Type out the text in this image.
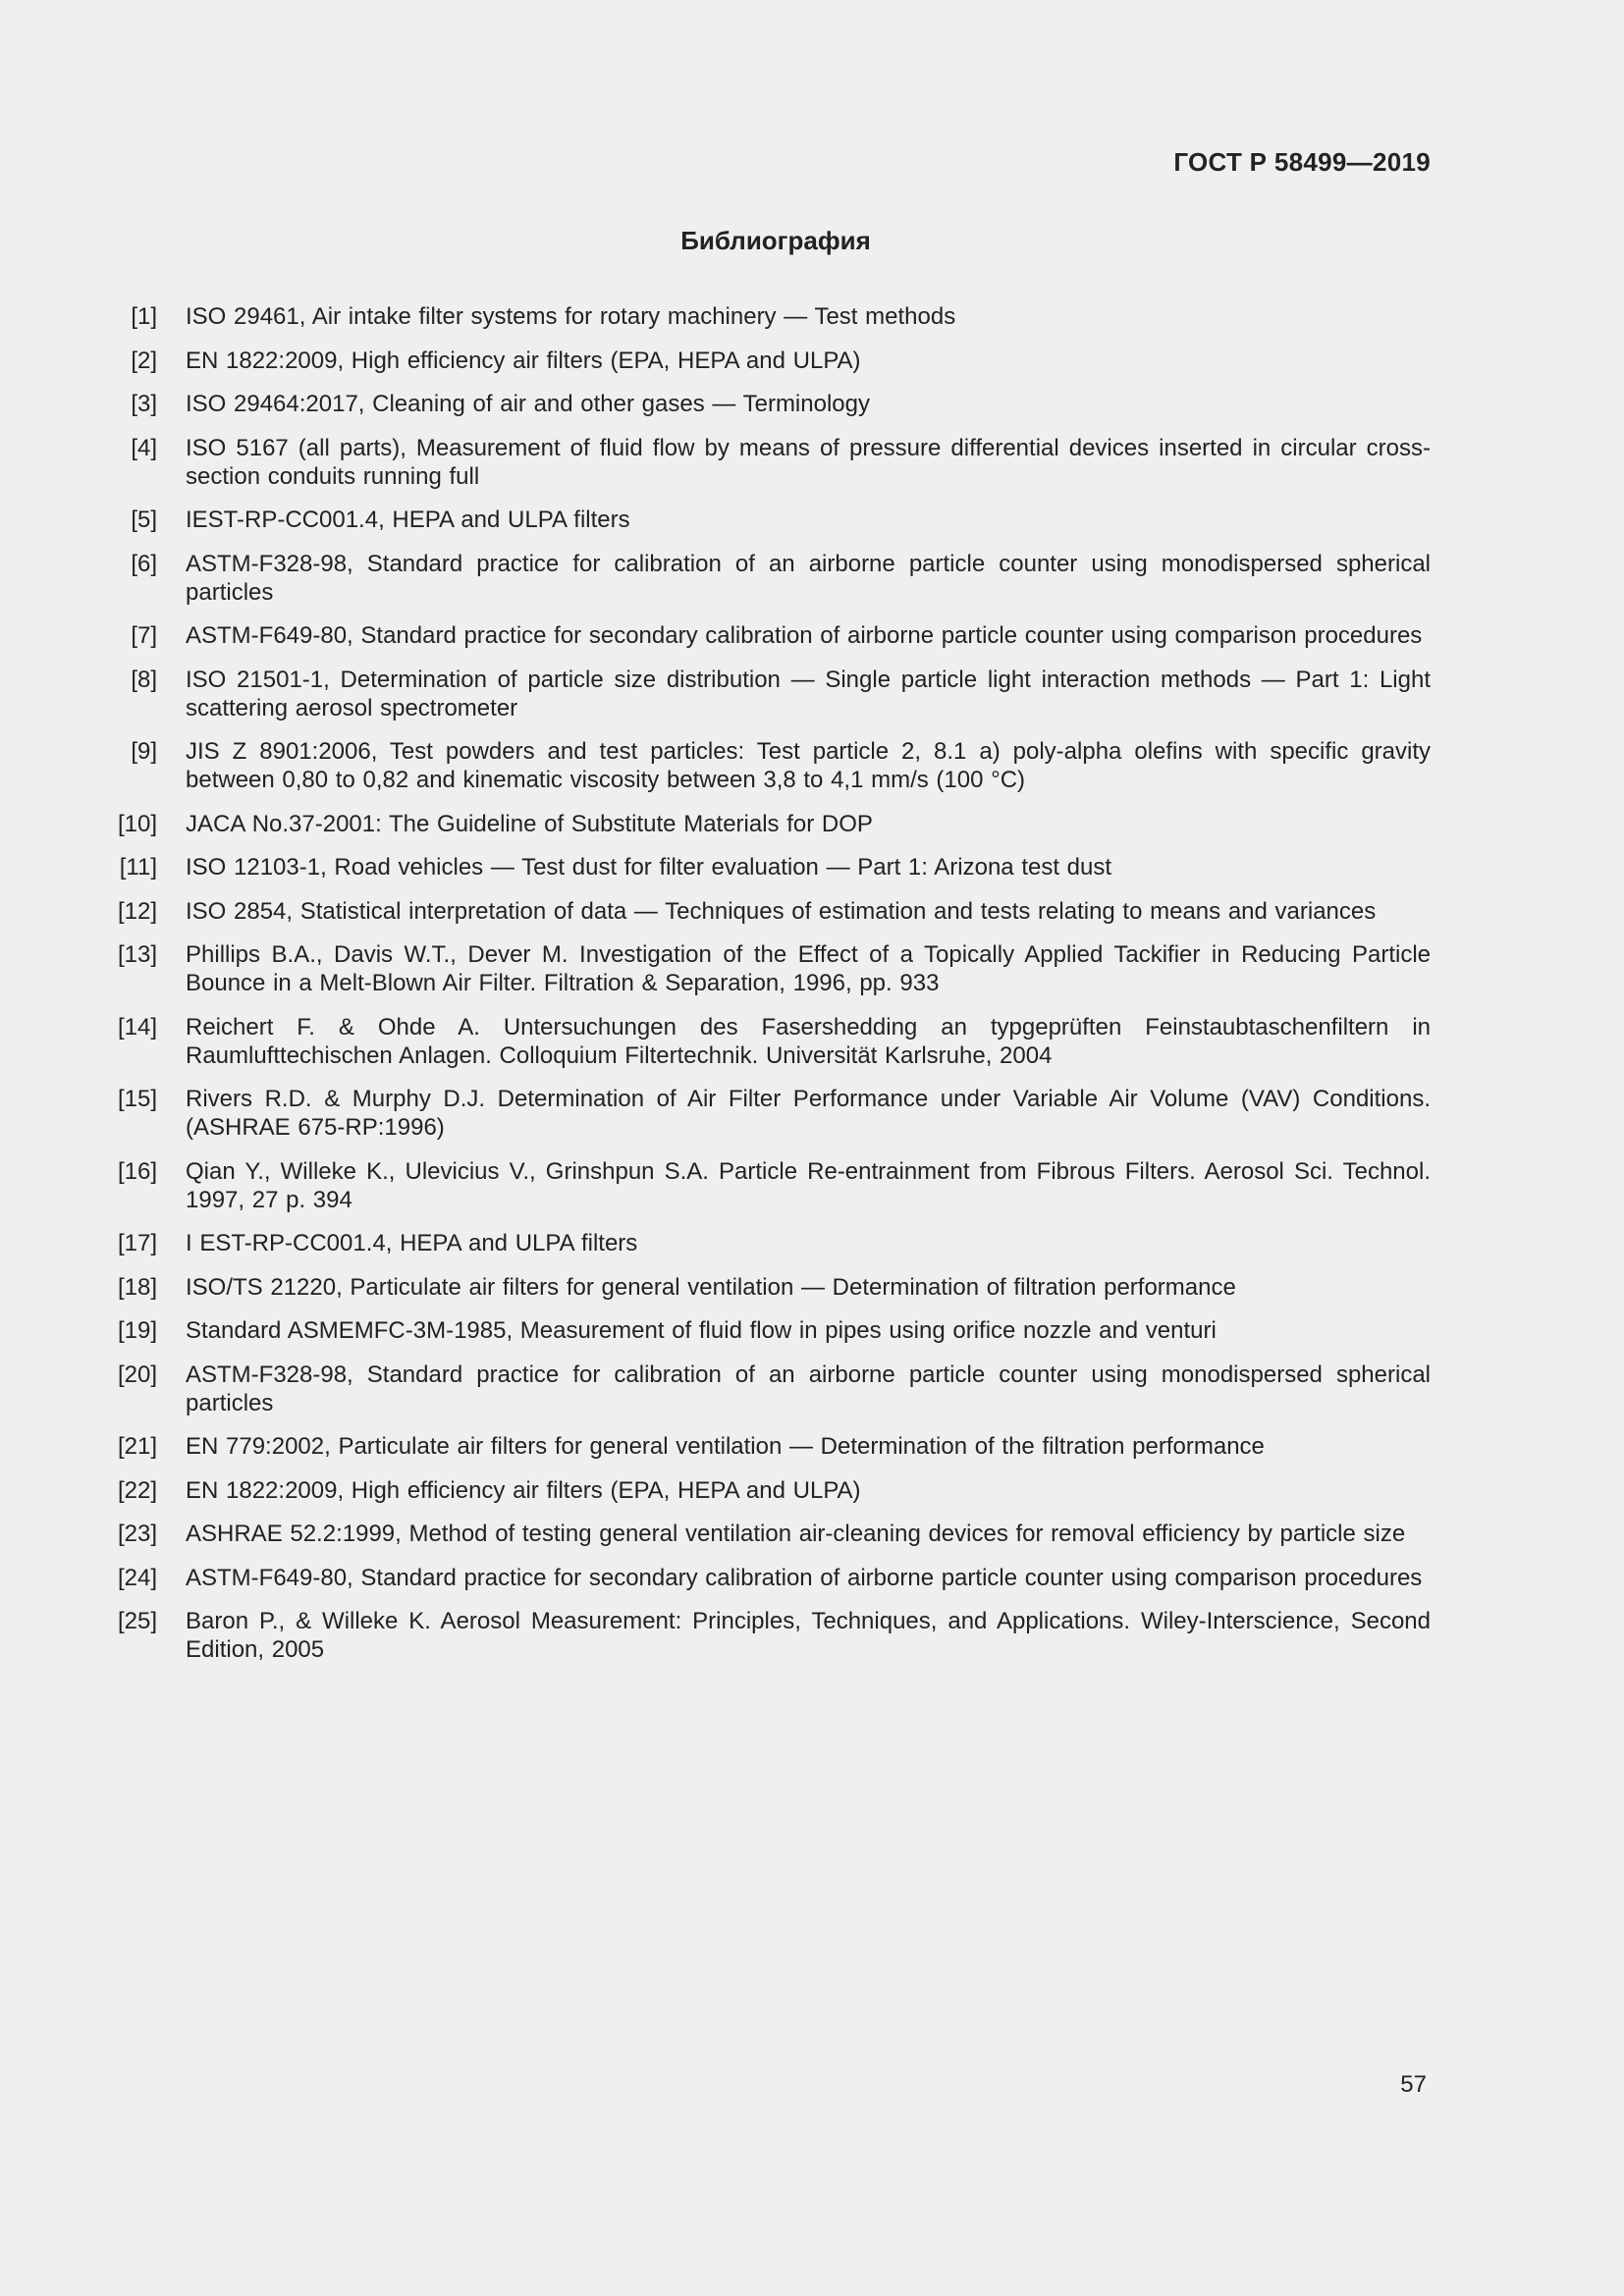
ГОСТ Р 58499—2019
Библиография
[1]	ISO 29461, Air intake filter systems for rotary machinery — Test methods
[2]	EN 1822:2009, High efficiency air filters (EPA, HEPA and ULPA)
[3]	ISO 29464:2017, Cleaning of air and other gases — Terminology
[4]	ISO 5167 (all parts), Measurement of fluid flow by means of pressure differential devices inserted in circular cross-section conduits running full
[5]	IEST-RP-CC001.4, HEPA and ULPA filters
[6]	ASTM-F328-98, Standard practice for calibration of an airborne particle counter using monodispersed spherical particles
[7]	ASTM-F649-80, Standard practice for secondary calibration of airborne particle counter using comparison procedures
[8]	ISO 21501-1, Determination of particle size distribution — Single particle light interaction methods — Part 1: Light scattering aerosol spectrometer
[9]	JIS Z 8901:2006, Test powders and test particles: Test particle 2, 8.1 a) poly-alpha olefins with specific gravity between 0,80 to 0,82 and kinematic viscosity between 3,8 to 4,1 mm/s (100 °C)
[10]	JACA No.37-2001: The Guideline of Substitute Materials for DOP
[11]	ISO 12103-1, Road vehicles — Test dust for filter evaluation — Part 1: Arizona test dust
[12]	ISO 2854, Statistical interpretation of data — Techniques of estimation and tests relating to means and variances
[13]	Phillips B.A., Davis W.T., Dever M. Investigation of the Effect of a Topically Applied Tackifier in Reducing Particle Bounce in a Melt-Blown Air Filter. Filtration & Separation, 1996, pp. 933
[14]	Reichert F. & Ohde A. Untersuchungen des Fasershedding an typgeprüften Feinstaubtaschenfiltern in Raumlufttechischen Anlagen. Colloquium Filtertechnik. Universität Karlsruhe, 2004
[15]	Rivers R.D. & Murphy D.J. Determination of Air Filter Performance under Variable Air Volume (VAV) Conditions. (ASHRAE 675-RP:1996)
[16]	Qian Y., Willeke K., Ulevicius V., Grinshpun S.A. Particle Re-entrainment from Fibrous Filters. Aerosol Sci. Technol. 1997, 27 p. 394
[17]	I EST-RP-CC001.4, HEPA and ULPA filters
[18]	ISO/TS 21220, Particulate air filters for general ventilation — Determination of filtration performance
[19]	Standard ASMEMFC-3M-1985, Measurement of fluid flow in pipes using orifice nozzle and venturi
[20]	ASTM-F328-98, Standard practice for calibration of an airborne particle counter using monodispersed spherical particles
[21]	EN 779:2002, Particulate air filters for general ventilation — Determination of the filtration performance
[22]	EN 1822:2009, High efficiency air filters (EPA, HEPA and ULPA)
[23]	ASHRAE 52.2:1999, Method of testing general ventilation air-cleaning devices for removal efficiency by particle size
[24]	ASTM-F649-80, Standard practice for secondary calibration of airborne particle counter using comparison procedures
[25]	Baron P., & Willeke K. Aerosol Measurement: Principles, Techniques, and Applications. Wiley-Interscience, Second Edition, 2005
57
